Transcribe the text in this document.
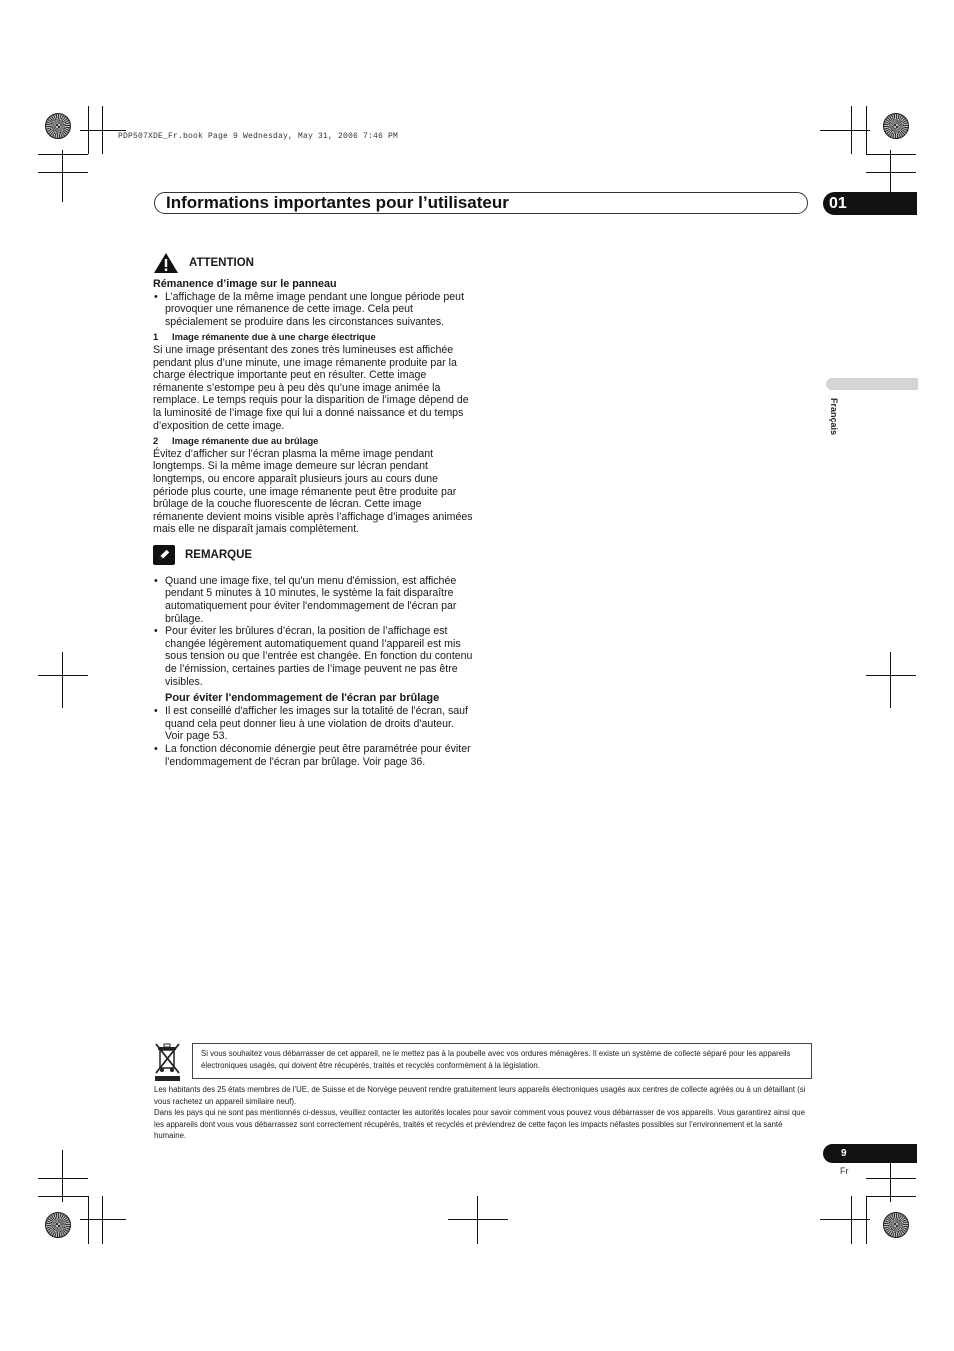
PDP507XDE_Fr.book Page 9 Wednesday, May 31, 2006 7:46 PM
Informations importantes pour l’utilisateur	01
Français
ATTENTION
Rémanence d’image sur le panneau
• L’affichage de la même image pendant une longue période peut provoquer une rémanence de cette image. Cela peut spécialement se produire dans les circonstances suivantes.
1 Image rémanente due à une charge électrique

Si une image présentant des zones très lumineuses est affichée pendant plus d’une minute, une image rémanente produite par la charge électrique importante peut en résulter. Cette image rémanente s’estompe peu à peu dès qu’une image animée la remplace. Le temps requis pour la disparition de l’image dépend de la luminosité de l’image fixe qui lui a donné naissance et du temps d’exposition de cette image.

2 Image rémanente due au brûlage

Évitez d’afficher sur l’écran plasma la même image pendant longtemps. Si la même image demeure sur lécran pendant longtemps, ou encore apparaît plusieurs jours au cours dune période plus courte, une image rémanente peut être produite par brûlage de la couche fluorescente de lécran. Cette image rémanente devient moins visible après l’affichage d’images animées mais elle ne disparaît jamais complètement.

REMARQUE
• Quand une image fixe, tel qu'un menu d'émission, est affichée pendant 5 minutes à 10 minutes, le système la fait disparaître automatiquement pour éviter l'endommagement de l'écran par brûlage.
• Pour éviter les brûlures d’écran, la position de l’affichage est changée légèrement automatiquement quand l’appareil est mis sous tension ou que l’entrée est changée. En fonction du contenu de l’émission, certaines parties de l’image peuvent ne pas être visibles.
Pour éviter l'endommagement de l'écran par brûlage
• Il est conseillé d'afficher les images sur la totalité de l'écran, sauf quand cela peut donner lieu à une violation de droits d'auteur. Voir page 53.
• La fonction déconomie dénergie peut être paramétrée pour éviter l'endommagement de l'écran par brûlage. Voir page 36.
Si vous souhaitez vous débarrasser de cet appareil, ne le mettez pas à la poubelle avec vos ordures ménagères. Il existe un système de collecte séparé pour les appareils électroniques usagés, qui doivent être récupérés, traités et recyclés conformément à la législation.

Les habitants des 25 états membres de l’UE, de Suisse et de Norvège peuvent rendre gratuitement leurs appareils électroniques usagés aux centres de collecte agréés ou à un détaillant (si vous rachetez un appareil similaire neuf).

Dans les pays qui ne sont pas mentionnés ci-dessus, veuillez contacter les autorités locales pour savoir comment vous pouvez vous débarrasser de vos appareils. Vous garantirez ainsi que les appareils dont vous vous débarrassez sont correctement récupérés, traités et recyclés et préviendrez de cette façon les impacts néfastes possibles sur l’environnement et la santé humaine.

9
Fr
